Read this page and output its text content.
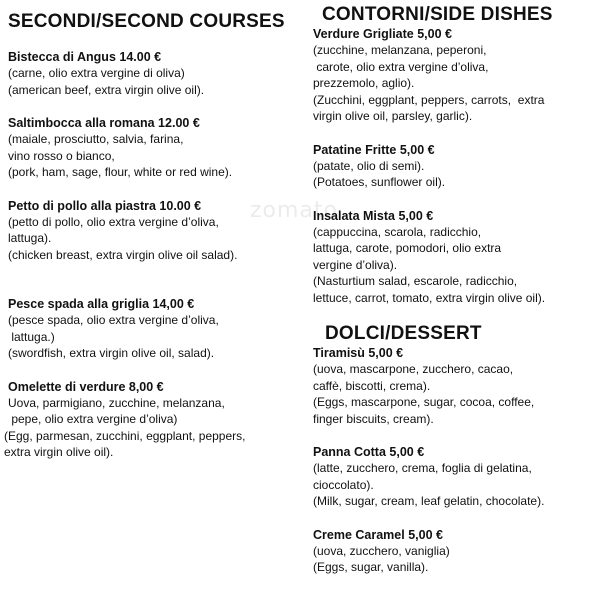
zomato
SECONDI/SECOND COURSES
Bistecca di Angus 14.00 €
(carne, olio extra vergine di oliva)
(american beef, extra virgin olive oil).
Saltimbocca alla romana 12.00 €
(maiale, prosciutto, salvia, farina,
vino rosso o bianco,
(pork, ham, sage, flour, white or red wine).
Petto di pollo alla piastra 10.00 €
(petto di pollo, olio extra vergine d’oliva,
lattuga).
(chicken breast, extra virgin olive oil salad).
Pesce spada alla griglia 14,00 €
(pesce spada, olio extra vergine d’oliva,
lattuga.)
(swordfish, extra virgin olive oil, salad).
Omelette di verdure 8,00 €
Uova, parmigiano, zucchine, melanzana,
pepe, olio extra vergine d’oliva)
(Egg, parmesan, zucchini, eggplant, peppers,
extra virgin olive oil).
CONTORNI/SIDE DISHES
Verdure Grigliate 5,00 €
(zucchine, melanzana, peperoni,
carote, olio extra vergine d’oliva,
prezzemolo, aglio).
(Zucchini, eggplant, peppers, carrots,  extra
virgin olive oil, parsley, garlic).
Patatine Fritte 5,00 €
(patate, olio di semi).
(Potatoes, sunflower oil).
Insalata Mista 5,00 €
(cappuccina, scarola, radicchio,
lattuga, carote, pomodori, olio extra
vergine d’oliva).
(Nasturtium salad, escarole, radicchio,
lettuce, carrot, tomato, extra virgin olive oil).
DOLCI/DESSERT
Tiramisù 5,00 €
(uova, mascarpone, zucchero, cacao,
caffè, biscotti, crema).
(Eggs, mascarpone, sugar, cocoa, coffee,
finger biscuits, cream).
Panna Cotta 5,00 €
(latte, zucchero, crema, foglia di gelatina,
cioccolato).
(Milk, sugar, cream, leaf gelatin, chocolate).
Creme Caramel 5,00 €
(uova, zucchero, vaniglia)
(Eggs, sugar, vanilla).
